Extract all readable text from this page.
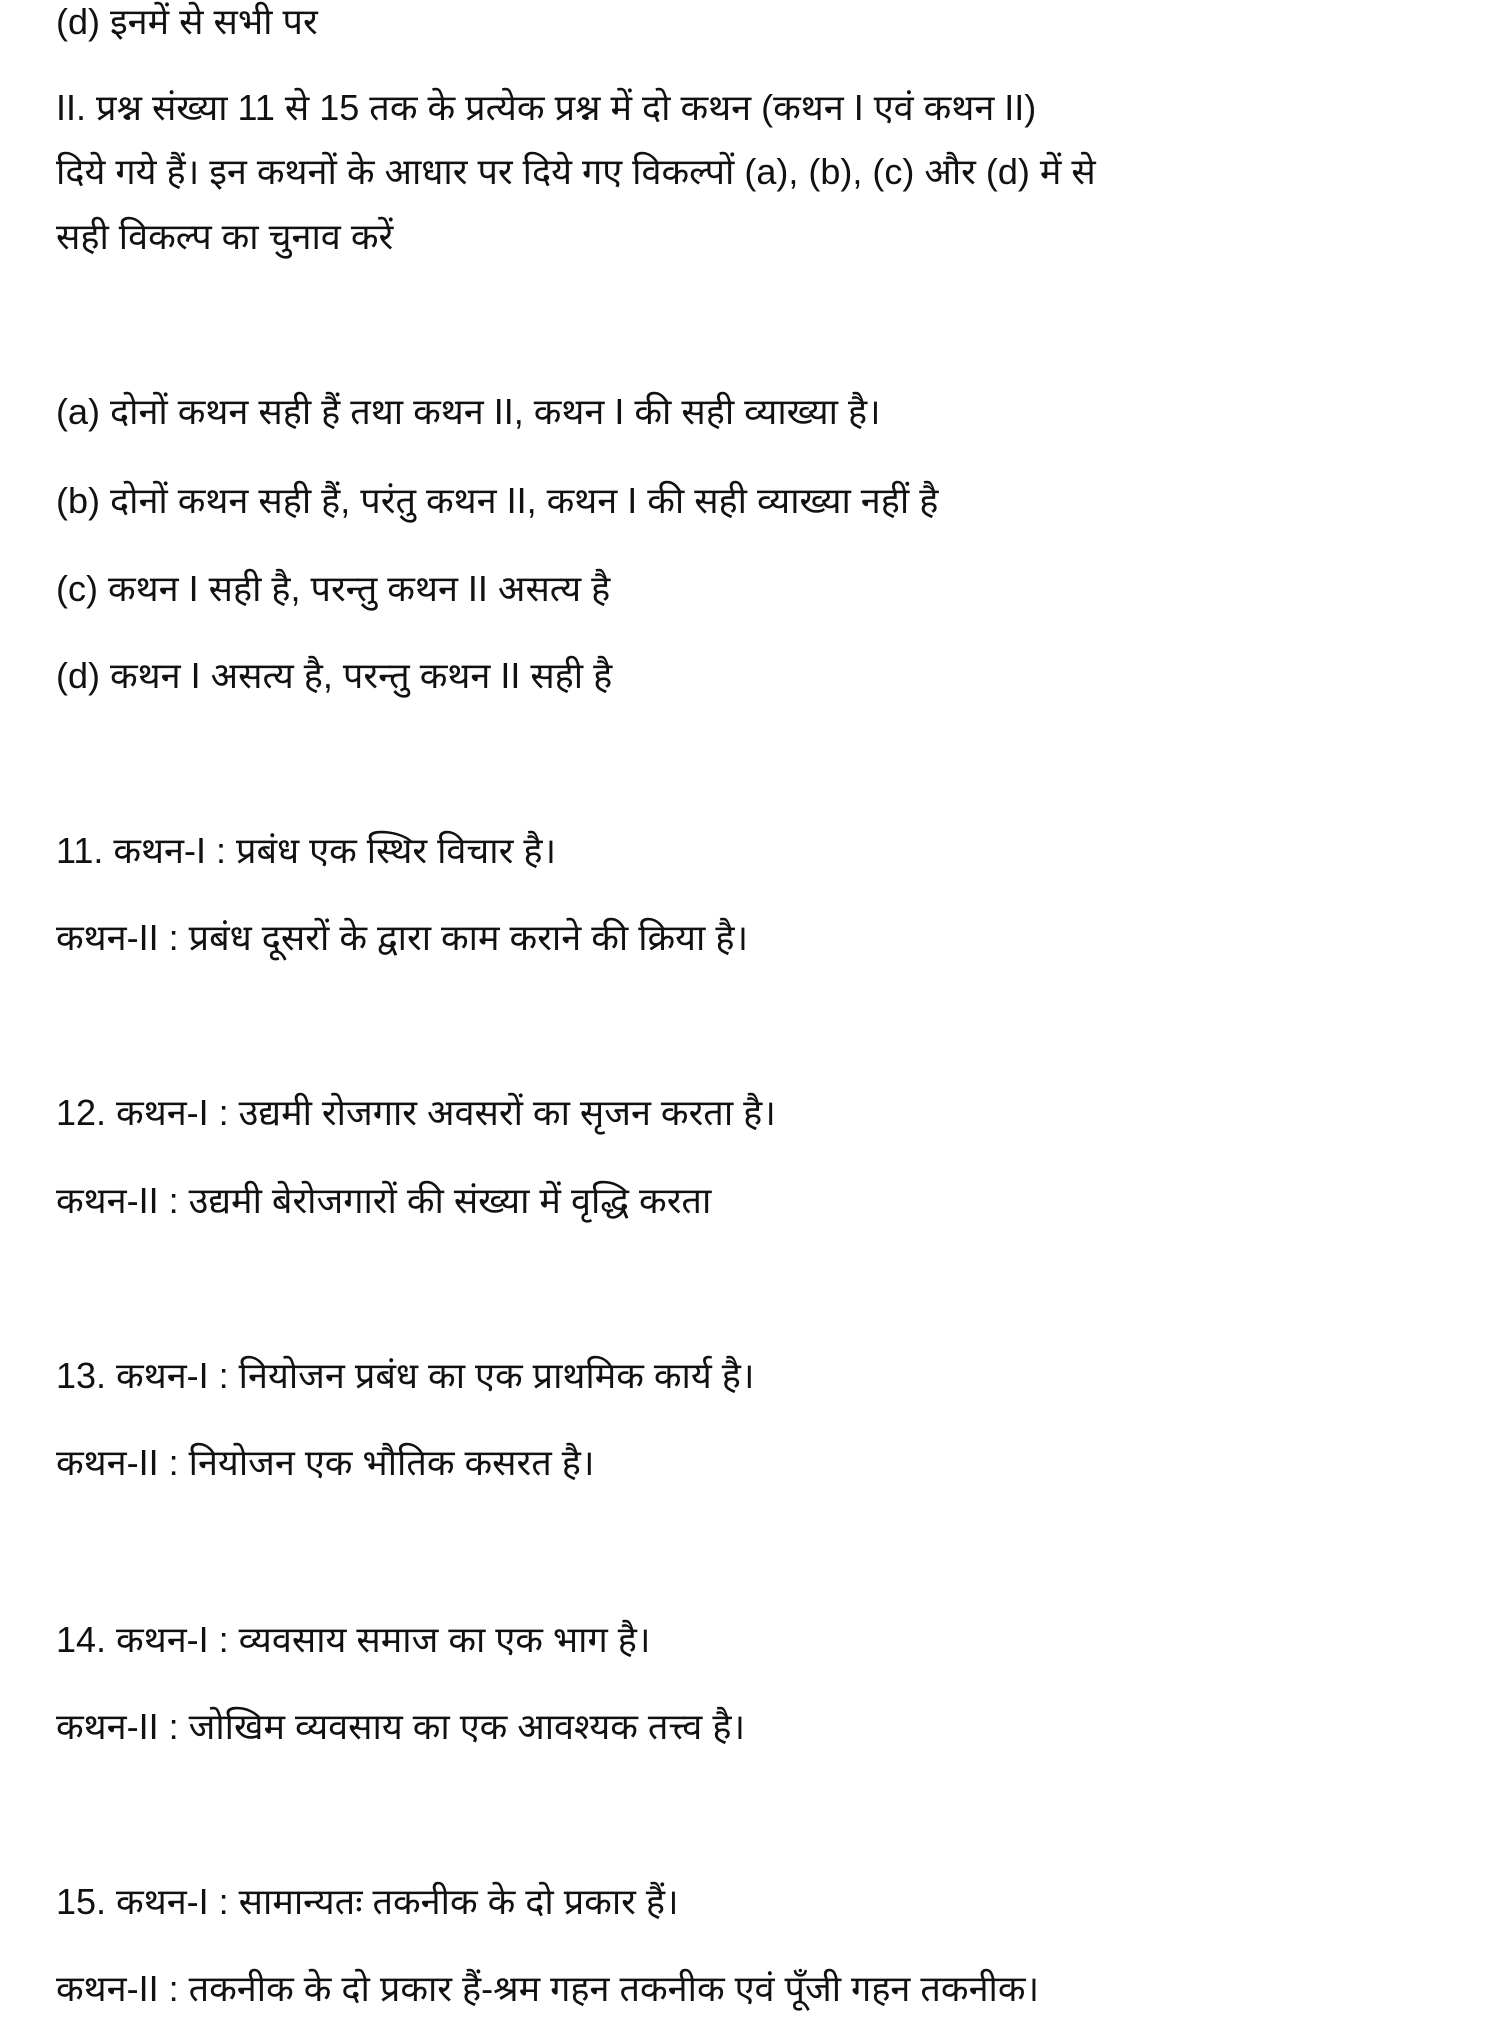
(d) इनमें से सभी पर
II. प्रश्न संख्या 11 से 15 तक के प्रत्येक प्रश्न में दो कथन (कथन I एवं कथन II)
दिये गये हैं। इन कथनों के आधार पर दिये गए विकल्पों (a), (b), (c) और (d) में से
सही विकल्प का चुनाव करें
(a) दोनों कथन सही हैं तथा कथन II, कथन I की सही व्याख्या है।
(b) दोनों कथन सही हैं, परंतु कथन II, कथन I की सही व्याख्या नहीं है
(c) कथन I सही है, परन्तु कथन II असत्य है
(d) कथन I असत्य है, परन्तु कथन II सही है
11. कथन-I : प्रबंध एक स्थिर विचार है।
कथन-II : प्रबंध दूसरों के द्वारा काम कराने की क्रिया है।
12. कथन-I : उद्यमी रोजगार अवसरों का सृजन करता है।
कथन-II : उद्यमी बेरोजगारों की संख्या में वृद्धि करता
13. कथन-I : नियोजन प्रबंध का एक प्राथमिक कार्य है।
कथन-II : नियोजन एक भौतिक कसरत है।
14. कथन-I : व्यवसाय समाज का एक भाग है।
कथन-II : जोखिम व्यवसाय का एक आवश्यक तत्त्व है।
15. कथन-I : सामान्यतः तकनीक के दो प्रकार हैं।
कथन-II : तकनीक के दो प्रकार हैं-श्रम गहन तकनीक एवं पूँजी गहन तकनीक।
